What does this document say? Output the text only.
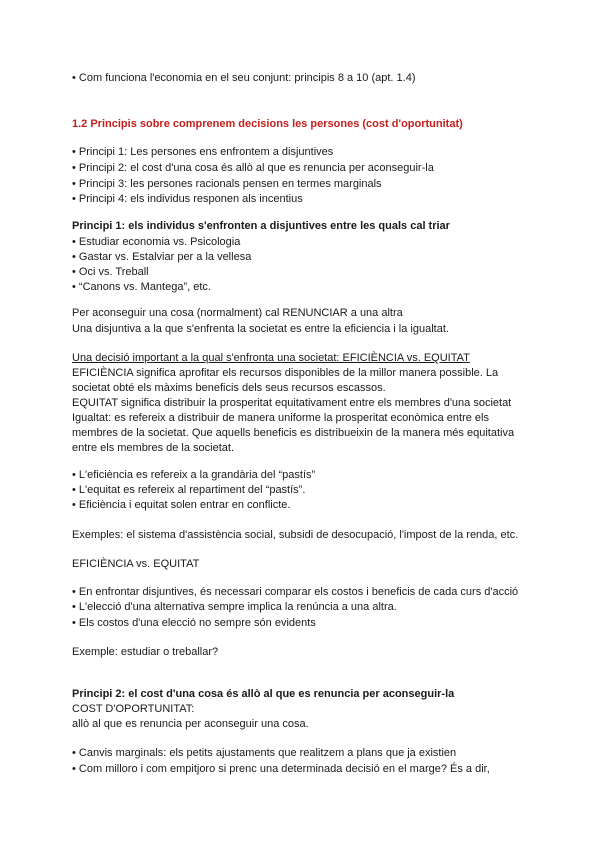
• Com funciona l'economia en el seu conjunt: principis 8 a 10 (apt. 1.4)

1.2 Principis sobre comprenem decisions les persones (cost d'oportunitat)

• Principi 1: Les persones ens enfrontem a disjuntives

• Principi 2: el cost d'una cosa és allò al que es renuncia per aconseguir-la

• Principi 3: les persones racionals pensen en termes marginals

• Principi 4: els individus responen als incentius

Principi 1: els individus s'enfronten a disjuntives entre les quals cal triar

• Estudiar economia vs. Psicologia

• Gastar vs. Estalviar per a la vellesa

• Oci vs. Treball

• “Canons vs. Mantega”, etc.

Per aconseguir una cosa (normalment) cal RENUNCIAR a una altra

Una disjuntiva a la que s'enfrenta la societat es entre la eficiencia i la igualtat.

Una decisió important a la qual s'enfronta una societat: EFICIÈNCIA vs. EQUITAT

EFICIÈNCIA significa aprofitar els recursos disponibles de la millor manera possible. La

societat obté els màxims beneficis dels seus recursos escassos.

EQUITAT significa distribuir la prosperitat equitativament entre els membres d'una societat

Igualtat: es refereix a distribuir de manera uniforme la prosperitat econòmica entre els

membres de la societat. Que aquells beneficis es distribueixin de la manera més equitativa

entre els membres de la societat.

• L'eficiència es refereix a la grandària del “pastís”

• L'equitat es refereix al repartiment del “pastís”.

• Eficiència i equitat solen entrar en conflicte.

Exemples: el sistema d'assistència social, subsidi de desocupació, l'impost de la renda, etc.

EFICIÈNCIA vs. EQUITAT

• En enfrontar disjuntives, és necessari comparar els costos i beneficis de cada curs d'acció

• L'elecció d'una alternativa sempre implica la renúncia a una altra.

• Els costos d'una elecció no sempre són evidents

Exemple: estudiar o treballar?

Principi 2: el cost d'una cosa és allò al que es renuncia per aconseguir-la

COST D'OPORTUNITAT:

allò al que es renuncia per aconseguir una cosa.

• Canvis marginals: els petits ajustaments que realitzem a plans que ja existien

• Com milloro i com empitjoro si prenc una determinada decisió en el marge? És a dir,
